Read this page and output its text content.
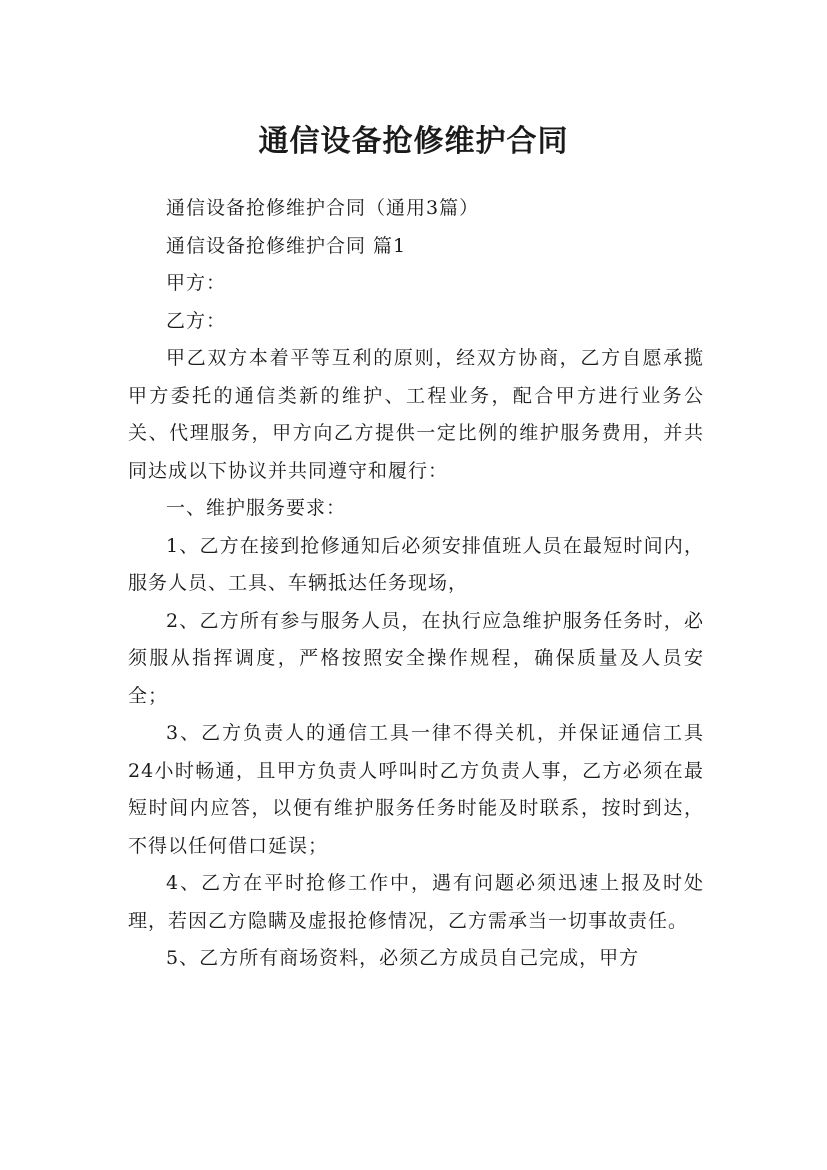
通信设备抢修维护合同

通信设备抢修维护合同（通用3篇）

通信设备抢修维护合同 篇1

甲方：

乙方：

甲乙双方本着平等互利的原则，经双方协商，乙方自愿承揽甲方委托的通信类新的维护、工程业务，配合甲方进行业务公关、代理服务，甲方向乙方提供一定比例的维护服务费用，并共同达成以下协议并共同遵守和履行：

一、维护服务要求：

1、乙方在接到抢修通知后必须安排值班人员在最短时间内，服务人员、工具、车辆抵达任务现场，

2、乙方所有参与服务人员，在执行应急维护服务任务时，必须服从指挥调度，严格按照安全操作规程，确保质量及人员安全；

3、乙方负责人的通信工具一律不得关机，并保证通信工具24小时畅通，且甲方负责人呼叫时乙方负责人事，乙方必须在最短时间内应答，以便有维护服务任务时能及时联系，按时到达，不得以任何借口延误；

4、乙方在平时抢修工作中，遇有问题必须迅速上报及时处理，若因乙方隐瞒及虚报抢修情况，乙方需承当一切事故责任。

5、乙方所有商场资料，必须乙方成员自己完成，甲方
